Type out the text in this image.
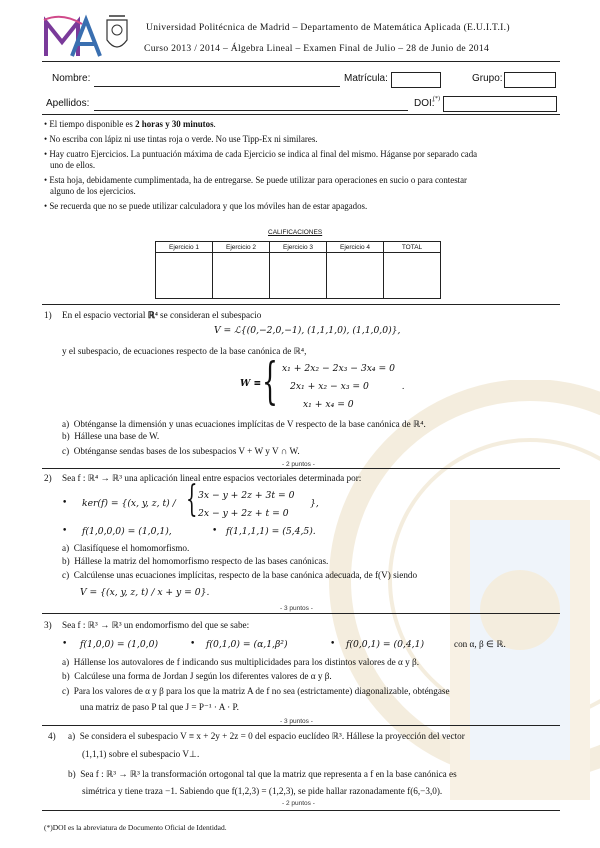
Universidad Politécnica de Madrid – Departamento de Matemática Aplicada (E.U.I.T.I.)
Curso 2013 / 2014 – Álgebra Lineal – Examen Final de Julio – 28 de Junio de 2014
Nombre:	Matrícula:	Grupo:
Apellidos:	DOI:
(*)
• El tiempo disponible es 2 horas y 30 minutos.
• No escriba con lápiz ni use tintas roja o verde. No use Tipp-Ex ni similares.
• Hay cuatro Ejercicios. La puntuación máxima de cada Ejercicio se indica al final del mismo. Háganse por separado cada
uno de ellos.
• Esta hoja, debidamente cumplimentada, ha de entregarse. Se puede utilizar para operaciones en sucio o para contestar
alguno de los ejercicios.
• Se recuerda que no se puede utilizar calculadora y que los móviles han de estar apagados.
CALIFICACIONES
Ejercicio 1	Ejercicio 2	Ejercicio 3	Ejercicio 4	TOTAL

1) En el espacio vectorial ℝ⁴ se consideran el subespacio
V = ℒ{(0,−2,0,−1), (1,1,1,0), (1,1,0,0)},
y el subespacio, de ecuaciones respecto de la base canónica de ℝ⁴,
W ≡ { x₁ + 2x₂ − 2x₃ − 3x₄ = 0
2x₁ + x₂ − x₃ = 0
x₁ + x₄ = 0
.
a) Obténganse la dimensión y unas ecuaciones implícitas de V respecto de la base canónica de ℝ⁴.
b) Hállese una base de W.
c) Obténganse sendas bases de los subespacios V + W y V ∩ W.
- 2 puntos -
2) Sea f : ℝ⁴ → ℝ³ una aplicación lineal entre espacios vectoriales determinada por:
• ker(f) = {(x, y, z, t) ∕ { 3x − y + 2z + 3t = 0
2x − y + 2z + t = 0
},
• f(1,0,0,0) = (1,0,1),	• f(1,1,1,1) = (5,4,5).
a) Clasifíquese el homomorfismo.
b) Hállese la matriz del homomorfismo respecto de las bases canónicas.
c) Calcúlense unas ecuaciones implícitas, respecto de la base canónica adecuada, de f(V) siendo
V = {(x, y, z, t) ∕ x + y = 0}.
- 3 puntos -
3) Sea f : ℝ³ → ℝ³ un endomorfismo del que se sabe:
• f(1,0,0) = (1,0,0)	• f(0,1,0) = (α,1,β²)	• f(0,0,1) = (0,4,1)	con α, β ∈ ℝ.
a) Hállense los autovalores de f indicando sus multiplicidades para los distintos valores de α y β.
b) Calcúlese una forma de Jordan J según los diferentes valores de α y β.
c) Para los valores de α y β para los que la matriz A de f no sea (estrictamente) diagonalizable, obténgase
una matriz de paso P tal que J = P⁻¹ · A · P.
- 3 puntos -
4) a) Se considera el subespacio V ≡ x + 2y + 2z = 0 del espacio euclídeo ℝ³. Hállese la proyección del vector
(1,1,1) sobre el subespacio V⊥.
b) Sea f : ℝ³ → ℝ³ la transformación ortogonal tal que la matriz que representa a f en la base canónica es
simétrica y tiene traza −1. Sabiendo que f(1,2,3) = (1,2,3), se pide hallar razonadamente f(6,−3,0).
- 2 puntos -
(*)DOI es la abreviatura de Documento Oficial de Identidad.
